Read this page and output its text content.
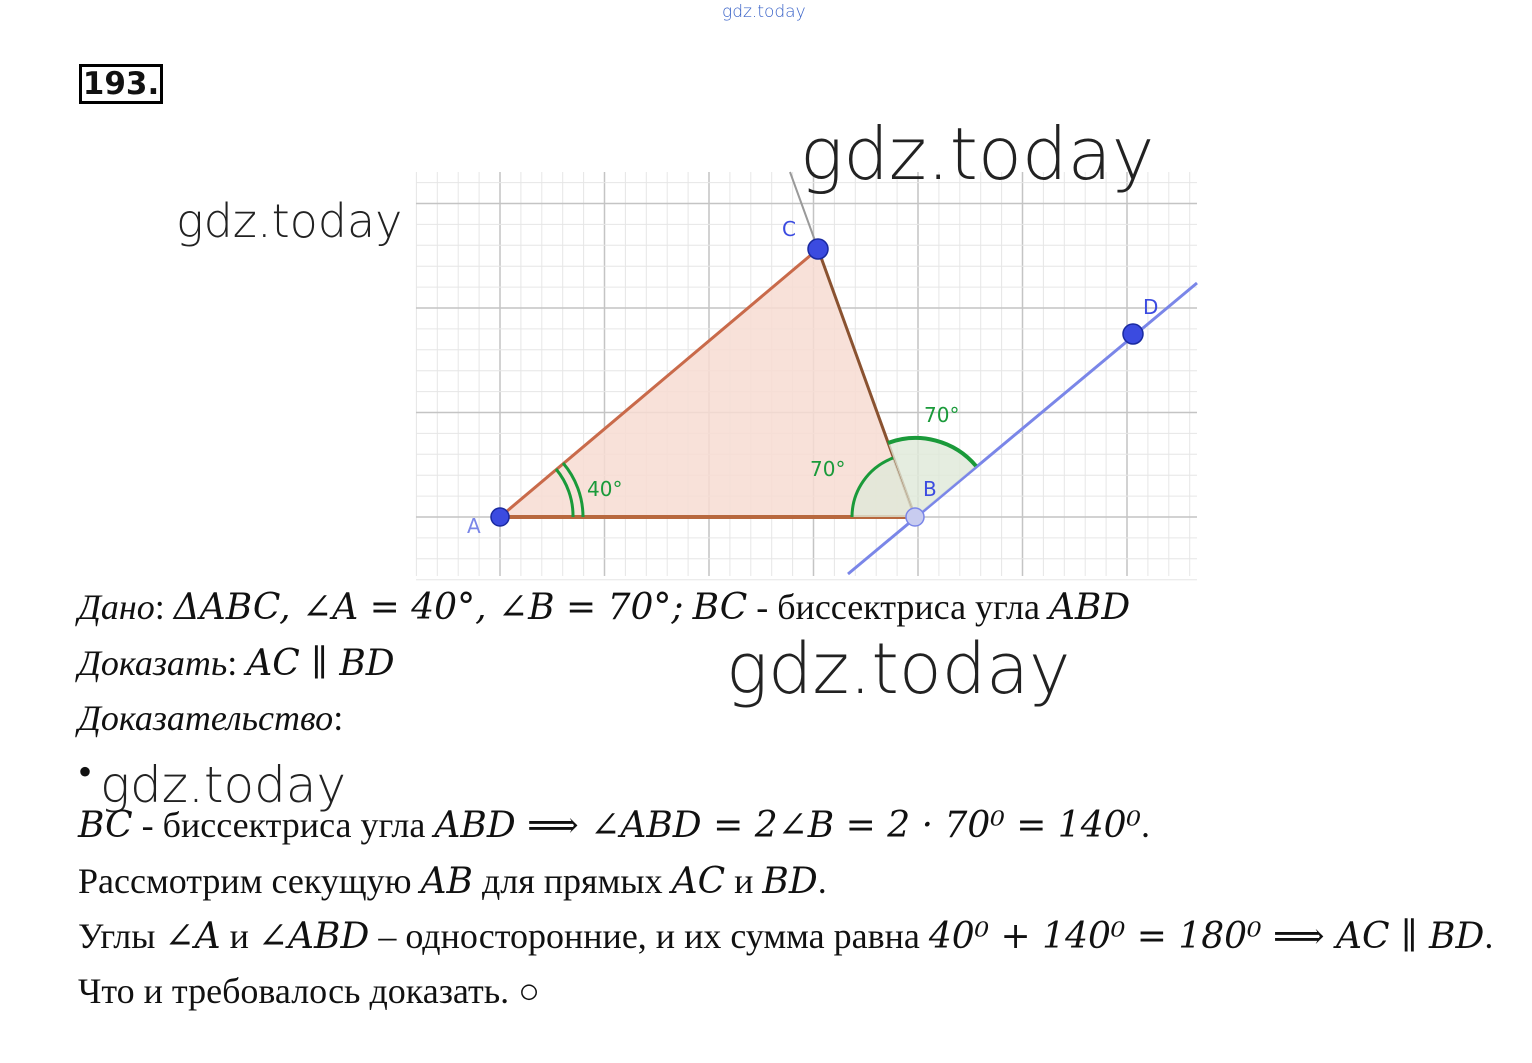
gdz.today
193.
A
B
C
D
40°
70°
70°
gdz.today
gdz.today
Дано: ΔABC, ∠A = 40°, ∠B = 70°; BC - биссектриса угла ABD
Доказать: AC ∥ BD	gdz.today
Доказательство:
• gdz.today
BC - биссектриса угла ABD ⟹ ∠ABD = 2∠B = 2 · 70⁰ = 140⁰.
Рассмотрим секущую AB для прямых AC и BD.
Углы ∠A и ∠ABD – односторонние, и их сумма равна 40⁰ + 140⁰ = 180⁰ ⟹ AC ∥ BD.
Что и требовалось доказать. ○
